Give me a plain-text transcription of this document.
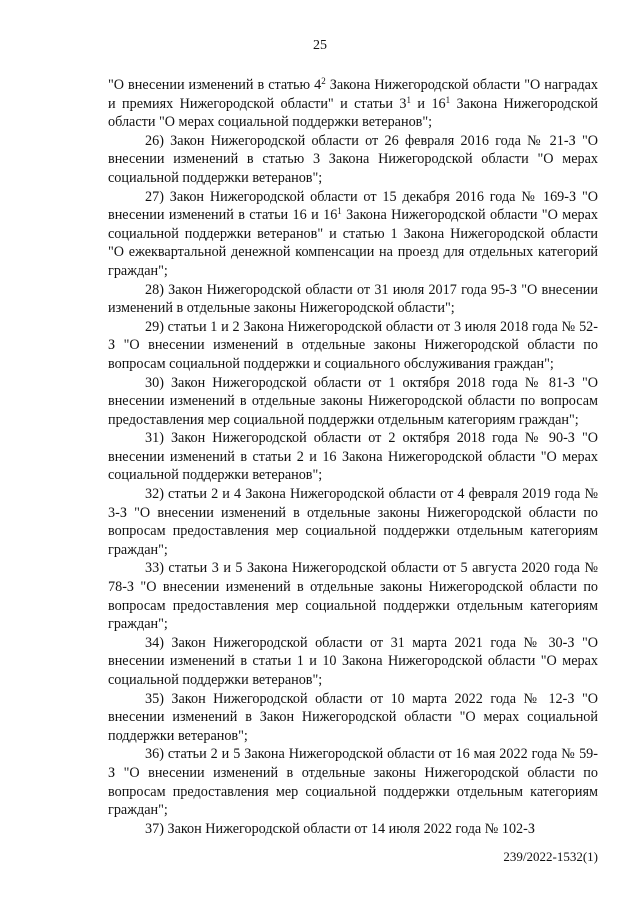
25

"О внесении изменений в статью $4^2$ Закона Нижегородской области "О наградах и премиях Нижегородской области" и статьи $3^1$ и $16^1$ Закона Нижегородской области "О мерах социальной поддержки ветеранов";

26) Закон Нижегородской области от 26 февраля 2016 года № 21-З "О внесении изменений в статью 3 Закона Нижегородской области "О мерах социальной поддержки ветеранов";

27) Закон Нижегородской области от 15 декабря 2016 года № 169-З "О внесении изменений в статьи 16 и $16^1$ Закона Нижегородской области "О мерах социальной поддержки ветеранов" и статью 1 Закона Нижегородской области "О ежеквартальной денежной компенсации на проезд для отдельных категорий граждан";

28) Закон Нижегородской области от 31 июля 2017 года 95-З "О внесении изменений в отдельные законы Нижегородской области";

29) статьи 1 и 2 Закона Нижегородской области от 3 июля 2018 года № 52-З "О внесении изменений в отдельные законы Нижегородской области по вопросам социальной поддержки и социального обслуживания граждан";

30) Закон Нижегородской области от 1 октября 2018 года № 81-З "О внесении изменений в отдельные законы Нижегородской области по вопросам предоставления мер социальной поддержки отдельным категориям граждан";

31) Закон Нижегородской области от 2 октября 2018 года № 90-З "О внесении изменений в статьи 2 и 16 Закона Нижегородской области "О мерах социальной поддержки ветеранов";

32) статьи 2 и 4 Закона Нижегородской области от 4 февраля 2019 года № 3-З "О внесении изменений в отдельные законы Нижегородской области по вопросам предоставления мер социальной поддержки отдельным категориям граждан";

33) статьи 3 и 5 Закона Нижегородской области от 5 августа 2020 года № 78-З "О внесении изменений в отдельные законы Нижегородской области по вопросам предоставления мер социальной поддержки отдельным категориям граждан";

34) Закон Нижегородской области от 31 марта 2021 года № 30-З "О внесении изменений в статьи 1 и 10 Закона Нижегородской области "О мерах социальной поддержки ветеранов";

35) Закон Нижегородской области от 10 марта 2022 года № 12-З "О внесении изменений в Закон Нижегородской области "О мерах социальной поддержки ветеранов";

36) статьи 2 и 5 Закона Нижегородской области от 16 мая 2022 года № 59-З "О внесении изменений в отдельные законы Нижегородской области по вопросам предоставления мер социальной поддержки отдельным категориям граждан";

37) Закон Нижегородской области от 14 июля 2022 года № 102-З

239/2022-1532(1)
